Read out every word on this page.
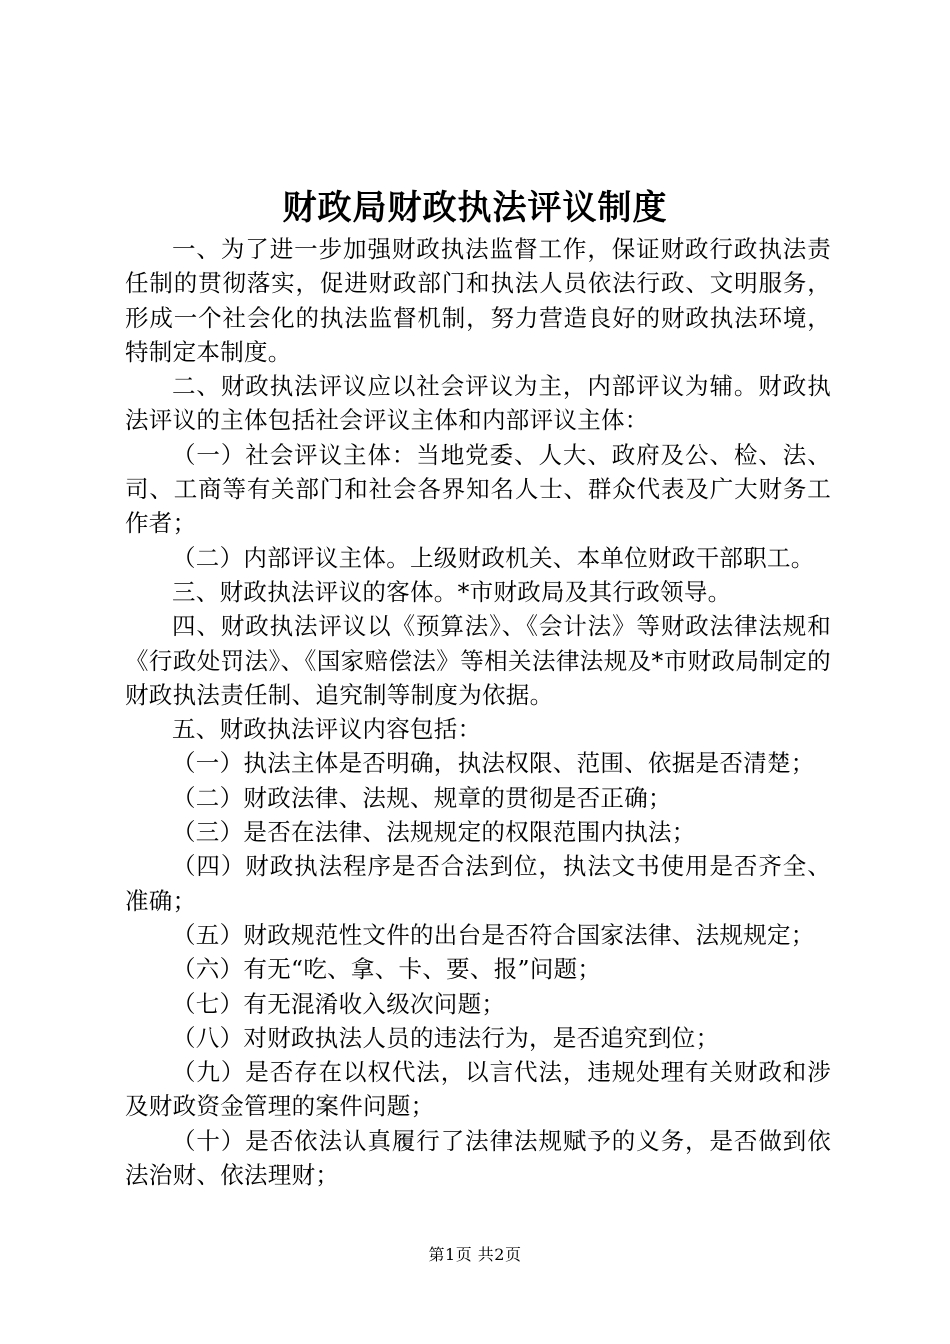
财政局财政执法评议制度

一、为了进一步加强财政执法监督工作，保证财政行政执法责任制的贯彻落实，促进财政部门和执法人员依法行政、文明服务，形成一个社会化的执法监督机制，努力营造良好的财政执法环境，特制定本制度。

二、财政执法评议应以社会评议为主，内部评议为辅。财政执法评议的主体包括社会评议主体和内部评议主体：

（一）社会评议主体：当地党委、人大、政府及公、检、法、司、工商等有关部门和社会各界知名人士、群众代表及广大财务工作者；

（二）内部评议主体。上级财政机关、本单位财政干部职工。

三、财政执法评议的客体。*市财政局及其行政领导。

四、财政执法评议以《预算法》、《会计法》等财政法律法规和《行政处罚法》、《国家赔偿法》等相关法律法规及*市财政局制定的财政执法责任制、追究制等制度为依据。

五、财政执法评议内容包括：

（一）执法主体是否明确，执法权限、范围、依据是否清楚；

（二）财政法律、法规、规章的贯彻是否正确；

（三）是否在法律、法规规定的权限范围内执法；

（四）财政执法程序是否合法到位，执法文书使用是否齐全、准确；

（五）财政规范性文件的出台是否符合国家法律、法规规定；

（六）有无“吃、拿、卡、要、报”问题；

（七）有无混淆收入级次问题；

（八）对财政执法人员的违法行为，是否追究到位；

（九）是否存在以权代法，以言代法，违规处理有关财政和涉及财政资金管理的案件问题；

（十）是否依法认真履行了法律法规赋予的义务，是否做到依法治财、依法理财；

第1页 共2页
